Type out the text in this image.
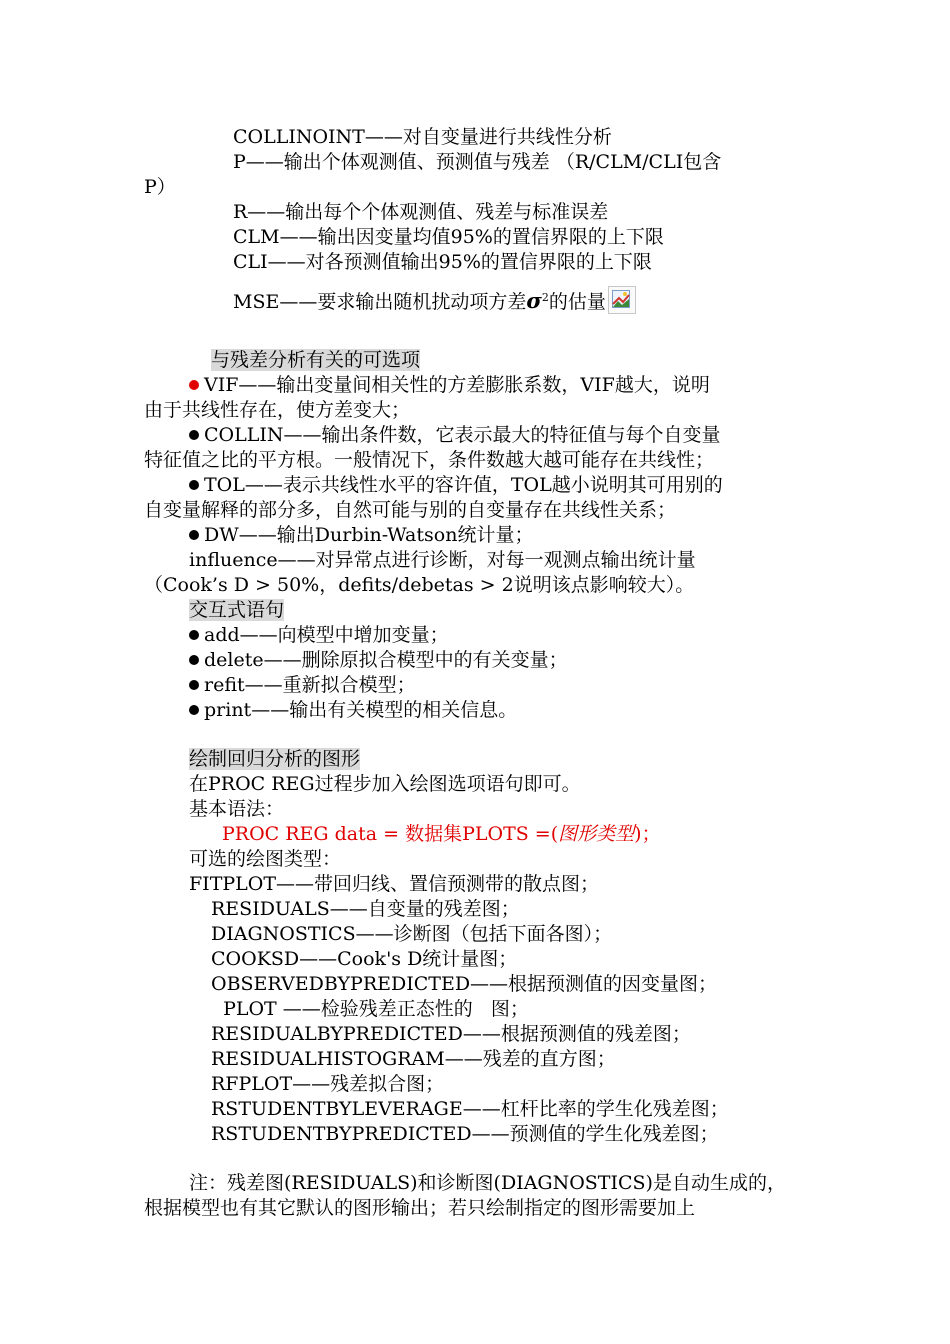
COLLINOINT——对自变量进行共线性分析
P——输出个体观测值、预测值与残差 （R/CLM/CLI包含
P）
R——输出每个个体观测值、残差与标准误差
CLM——输出因变量均值95%的置信界限的上下限
CLI——对各预测值输出95%的置信界限的上下限
MSE——要求输出随机扰动项方差$\sigma^2$的估量
与残差分析有关的可选项
VIF——输出变量间相关性的方差膨胀系数，VIF越大，说明
由于共线性存在，使方差变大；
COLLIN——输出条件数，它表示最大的特征值与每个自变量
特征值之比的平方根。一般情况下，条件数越大越可能存在共线性；
TOL——表示共线性水平的容许值，TOL越小说明其可用别的
自变量解释的部分多，自然可能与别的自变量存在共线性关系；
DW——输出Durbin-Watson统计量；
influence——对异常点进行诊断，对每一观测点输出统计量
（Cook’s D > 50%，defits/debetas > 2说明该点影响较大）。
交互式语句
add——向模型中增加变量；
delete——删除原拟合模型中的有关变量；
refit——重新拟合模型；
print——输出有关模型的相关信息。
绘制回归分析的图形
在PROC REG过程步加入绘图选项语句即可。
基本语法：
PROC REG data = 数据集PLOTS =(图形类型)；
可选的绘图类型：
FITPLOT——带回归线、置信预测带的散点图；
RESIDUALS——自变量的残差图；
DIAGNOSTICS——诊断图（包括下面各图）；
COOKSD——Cook's D统计量图；
OBSERVEDBYPREDICTED——根据预测值的因变量图；
PLOT ——检验残差正态性的   图；
RESIDUALBYPREDICTED——根据预测值的残差图；
RESIDUALHISTOGRAM——残差的直方图；
RFPLOT——残差拟合图；
RSTUDENTBYLEVERAGE——杠杆比率的学生化残差图；
RSTUDENTBYPREDICTED——预测值的学生化残差图；
注：残差图(RESIDUALS)和诊断图(DIAGNOSTICS)是自动生成的，
根据模型也有其它默认的图形输出；若只绘制指定的图形需要加上
